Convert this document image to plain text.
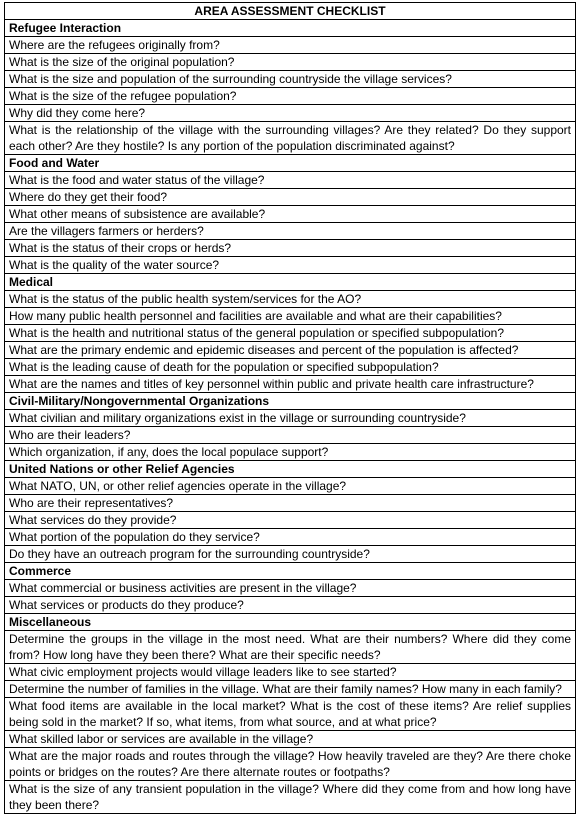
AREA ASSESSMENT CHECKLIST
Refugee Interaction
Where are the refugees originally from?
What is the size of the original population?
What is the size and population of the surrounding countryside the village services?
What is the size of the refugee population?
Why did they come here?
What is the relationship of the village with the surrounding villages? Are they related? Do they support each other? Are they hostile? Is any portion of the population discriminated against?
Food and Water
What is the food and water status of the village?
Where do they get their food?
What other means of subsistence are available?
Are the villagers farmers or herders?
What is the status of their crops or herds?
What is the quality of the water source?
Medical
What is the status of the public health system/services for the AO?
How many public health personnel and facilities are available and what are their capabilities?
What is the health and nutritional status of the general population or specified subpopulation?
What are the primary endemic and epidemic diseases and percent of the population is affected?
What is the leading cause of death for the population or specified subpopulation?
What are the names and titles of key personnel within public and private health care infrastructure?
Civil-Military/Nongovernmental Organizations
What civilian and military organizations exist in the village or surrounding countryside?
Who are their leaders?
Which organization, if any, does the local populace support?
United Nations or other Relief Agencies
What NATO, UN, or other relief agencies operate in the village?
Who are their representatives?
What services do they provide?
What portion of the population do they service?
Do they have an outreach program for the surrounding countryside?
Commerce
What commercial or business activities are present in the village?
What services or products do they produce?
Miscellaneous
Determine the groups in the village in the most need. What are their numbers? Where did they come from? How long have they been there? What are their specific needs?
What civic employment projects would village leaders like to see started?
Determine the number of families in the village. What are their family names? How many in each family?
What food items are available in the local market? What is the cost of these items? Are relief supplies being sold in the market? If so, what items, from what source, and at what price?
What skilled labor or services are available in the village?
What are the major roads and routes through the village? How heavily traveled are they? Are there choke points or bridges on the routes? Are there alternate routes or footpaths?
What is the size of any transient population in the village? Where did they come from and how long have they been there?
